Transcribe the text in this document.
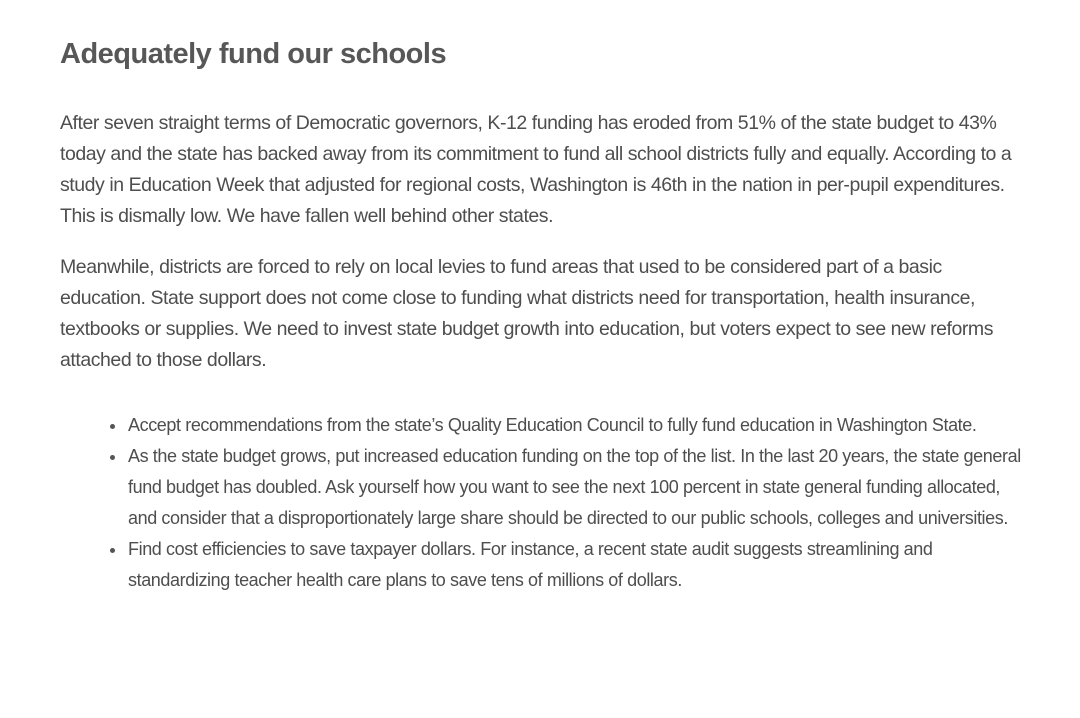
Adequately fund our schools

After seven straight terms of Democratic governors, K-12 funding has eroded from 51% of the state budget to 43% today and the state has backed away from its commitment to fund all school districts fully and equally. According to a study in Education Week that adjusted for regional costs, Washington is 46th in the nation in per-pupil expenditures. This is dismally low. We have fallen well behind other states.

Meanwhile, districts are forced to rely on local levies to fund areas that used to be considered part of a basic education. State support does not come close to funding what districts need for transportation, health insurance, textbooks or supplies. We need to invest state budget growth into education, but voters expect to see new reforms attached to those dollars.

Accept recommendations from the state’s Quality Education Council to fully fund education in Washington State.
As the state budget grows, put increased education funding on the top of the list. In the last 20 years, the state general fund budget has doubled. Ask yourself how you want to see the next 100 percent in state general funding allocated, and consider that a disproportionately large share should be directed to our public schools, colleges and universities.
Find cost efficiencies to save taxpayer dollars. For instance, a recent state audit suggests streamlining and standardizing teacher health care plans to save tens of millions of dollars.
